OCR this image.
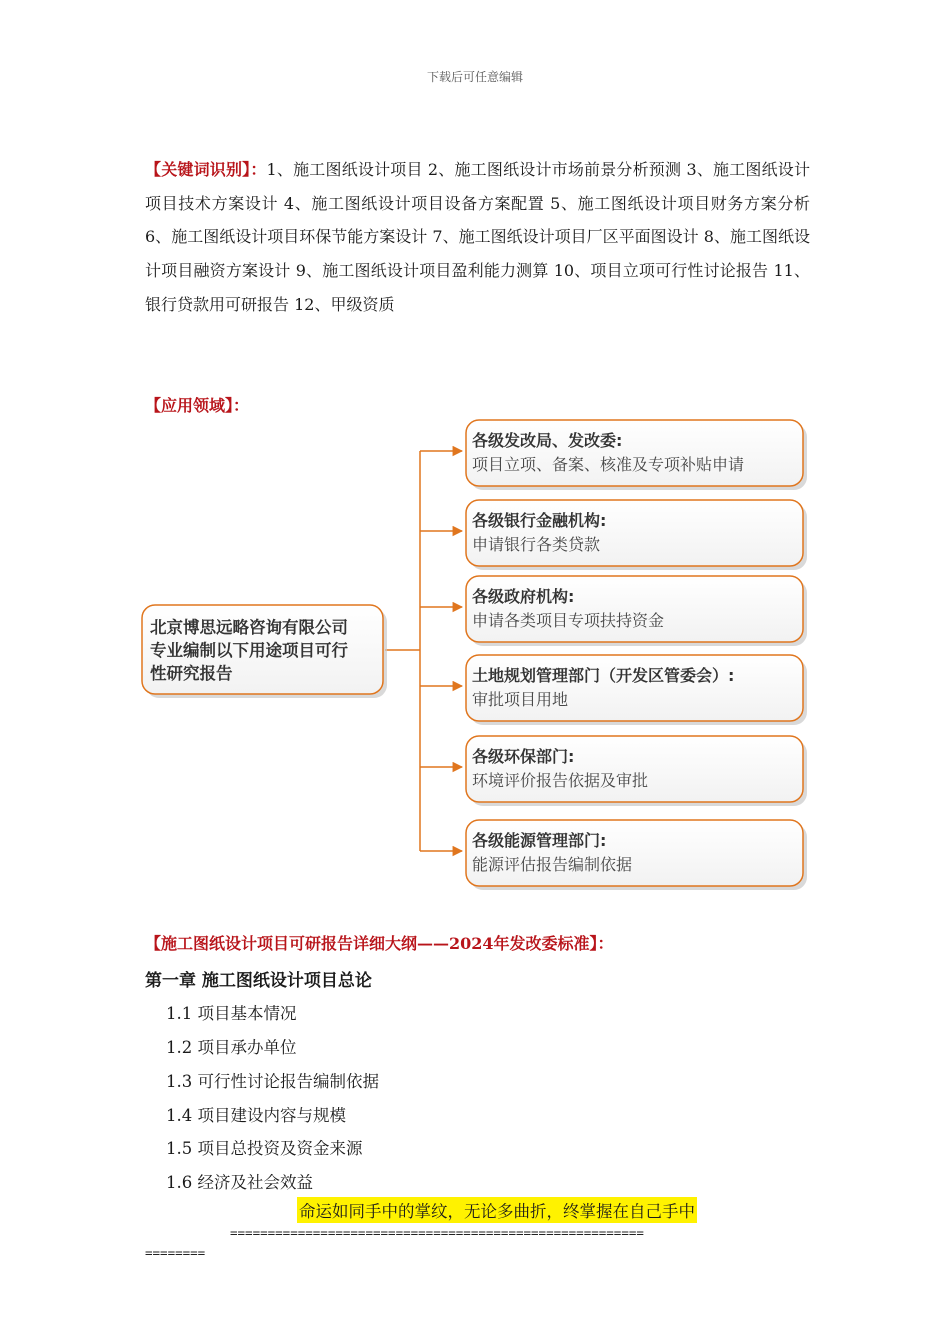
下载后可任意编辑
【关键词识别】：1、施工图纸设计项目 2、施工图纸设计市场前景分析预测 3、施工图纸设计项目技术方案设计 4、施工图纸设计项目设备方案配置 5、施工图纸设计项目财务方案分析 6、施工图纸设计项目环保节能方案设计 7、施工图纸设计项目厂区平面图设计 8、施工图纸设计项目融资方案设计 9、施工图纸设计项目盈利能力测算 10、项目立项可行性讨论报告 11、银行贷款用可研报告 12、甲级资质
【应用领域】：
北京博思远略咨询有限公司
专业编制以下用途项目可行
性研究报告
各级发改局、发改委:
项目立项、备案、核准及专项补贴申请
各级银行金融机构:
申请银行各类贷款
各级政府机构:
申请各类项目专项扶持资金
土地规划管理部门（开发区管委会）:
审批项目用地
各级环保部门:
环境评价报告依据及审批
各级能源管理部门:
能源评估报告编制依据
【施工图纸设计项目可研报告详细大纲——2024年发改委标准】：
第一章 施工图纸设计项目总论
1.1 项目基本情况
1.2 项目承办单位
1.3 可行性讨论报告编制依据
1.4 项目建设内容与规模
1.5 项目总投资及资金来源
1.6 经济及社会效益
命运如同手中的掌纹，无论多曲折，终掌握在自己手中
=======================================================
========
